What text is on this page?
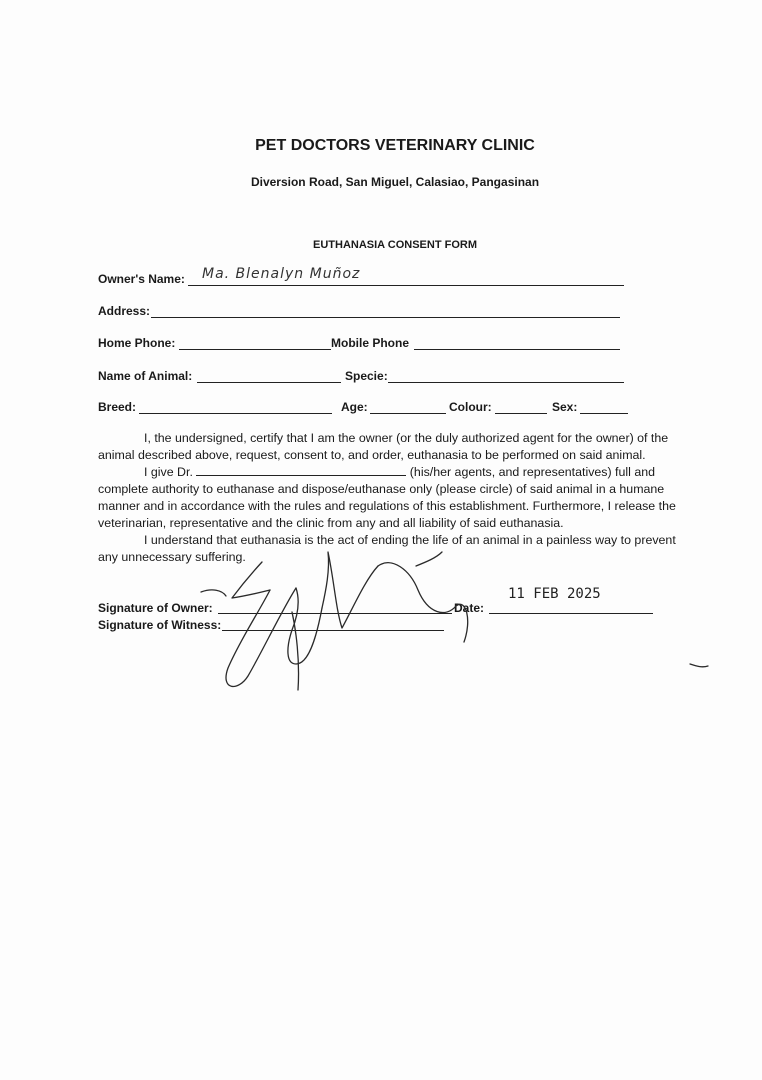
PET DOCTORS VETERINARY CLINIC
Diversion Road, San Miguel, Calasiao, Pangasinan
EUTHANASIA CONSENT FORM
Owner's Name: Ma. Blenalyn Muñoz
Address:
Home Phone:	Mobile Phone
Name of Animal:	Specie:
Breed:	Age:	Colour:	Sex:

I, the undersigned, certify that I am the owner (or the duly authorized agent for the owner) of the animal described above, request, consent to, and order, euthanasia to be performed on said animal.

I give Dr.	(his/her agents, and representatives) full and complete authority to euthanase and dispose/euthanase only (please circle) of said animal in a humane manner and in accordance with the rules and regulations of this establishment. Furthermore, I release the veterinarian, representative and the clinic from any and all liability of said euthanasia.

I understand that euthanasia is the act of ending the life of an animal in a painless way to prevent any unnecessary suffering.

Signature of Owner:	Date:
11 FEB 2025
Signature of Witness:
